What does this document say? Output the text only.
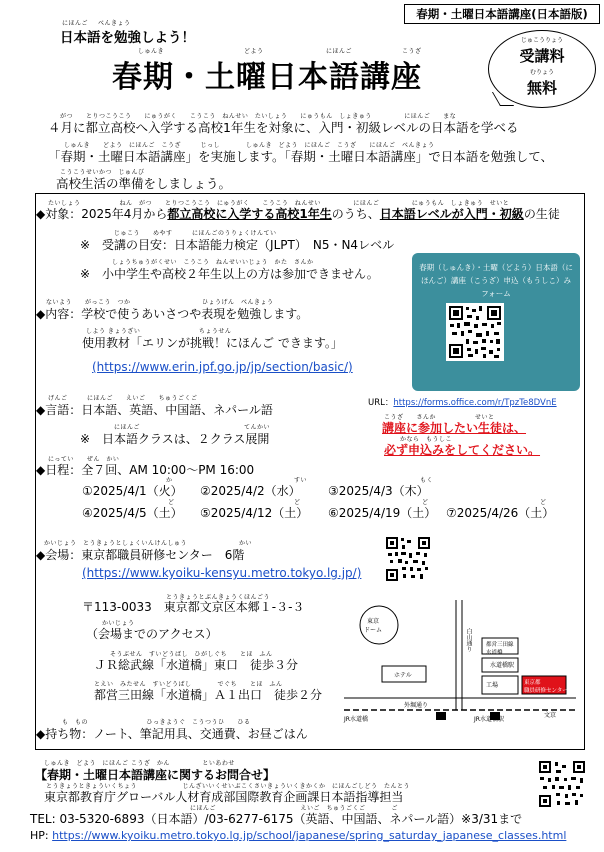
春期・土曜日本語講座(日本語版)
にほんご べんきょう
日本語を勉強しよう！
しゅんき	どよう	にほんご	こうざ
春期・土曜日本語講座
じゅこうりょう
受講料
むりょう
無料
がつ　　とりつこうこう　　にゅうがく　　こうこう　ねんせい　たいしょう　　にゅうもん　しょきゅう　　　　　にほんご　　まな
４月に都立高校へ入学する高校1年生を対象に、入門・初級レベルの日本語を学べる
しゅんき　　どよう　にほんご　こうざ　　　じっし　　　　しゅんき　どよう　にほんご　こうざ　　にほんご　べんきょう
「春期・土曜日本語講座」を実施します。「春期・土曜日本語講座」で日本語を勉強して、
こうこうせいかつ　じゅんび
高校生活の準備をしましょう。
たいしょう　　　　　　ねん　がつ　　とりつこうこう　にゅうがく　　こうこう　ねんせい　　　　　にほんご　　　　　にゅうもん　しょきゅう　せいと
◆対象：2025年4月から都立高校に入学する高校1年生のうち、日本語レベルが入門・初級の生徒
じゅこう　　めやす　　　にほんごのうりょくけんてい
※　受講の目安：日本語能力検定（JLPT）　N5・N4レベル
しょうちゅうがくせい　こうこう　ねんせいいじょう　かた　さんか
※　小中学生や高校２年生以上の方は参加できません。
ないよう　　がっこう　つか　　　　　　　　　　　ひょうげん　べんきょう
◆内容：学校で使うあいさつや表現を勉強します。
しよう きょうざい　　　　　　　　　ちょうせん
使用教材「エリンが挑戦！にほんご できます。」
(https://www.erin.jpf.go.jp/jp/section/basic/)
春期（しゅんき）・土曜（どよう）日本語（にほんご）講座（こうざ）申込（もうしこ）みフォーム
URL：https://forms.office.com/r/TpzTe8DVnE
げんご　　　にほんご　　えいご　　ちゅうごくご
◆言語：日本語、英語、中国語、ネパール語
にほんご	てんかい
※　日本語クラスは、２クラス展開
こうざ　　さんか　　　　　　せいと
講座に参加したい生徒は、
かなら　もうしこ
必ず申込みをしてください。
にってい　　ぜん　かい
◆日程：全７回、AM 10:00～PM 16:00
か	すい	もく
①2025/4/1（火） ②2025/4/2（水） ③2025/4/3（木）
ど	ど	ど	ど
④2025/4/5（土） ⑤2025/4/12（土） ⑥2025/4/19（土） ⑦2025/4/26（土）
かいじょう　とうきょうとしょくいんけんしゅう　　　　　　　　かい
◆会場：東京都職員研修センター　6階
(https://www.kyoiku-kensyu.metro.tokyo.lg.jp/)
とうきょうとぶんきょうくほんごう
〒113-0033　東京都文京区本郷１-３-３
かいじょう
（会場までのアクセス）
そうぶせん　すいどうばし　ひがしぐち　　とほ　ふん
ＪＲ総武線「水道橋」東口　徒歩３分
とえい　みたせん　すいどうばし　　　　でぐち　　とほ　ふん
都営三田線「水道橋」Ａ１出口　徒歩２分
東京
ドーム
ホテル
白山通り
外堀通り
JR水道橋	JR水道橋駅
水道橋駅
都営三田線
水道橋
東京都
職員研修センター
工場
文京
も　もの　　　　　　　　　ひっきようぐ　こうつうひ　　ひる
◆持ち物：ノート、筆記用具、交通費、お昼ごはん
しゅんき　どよう　にほんご こうざ　かん　　　　　といあわせ
【春期・土曜日本語講座に関するお問合せ】
とうきょうときょういくちょう　　　　　　　じんざいいくせいぶこくさいきょういくきかくか　にほんごしどう　たんとう
東京都教育庁グローバル人材育成部国際教育企画課日本語指導担当
にほんご　　　　　　　　　　　　　えいご　ちゅうごくご　　　　ご
TEL: 03-5320-6893（日本語）/03-6277-6175（英語、中国語、ネパール語）※3/31まで
HP: https://www.kyoiku.metro.tokyo.lg.jp/school/japanese/spring_saturday_japanese_classes.html
